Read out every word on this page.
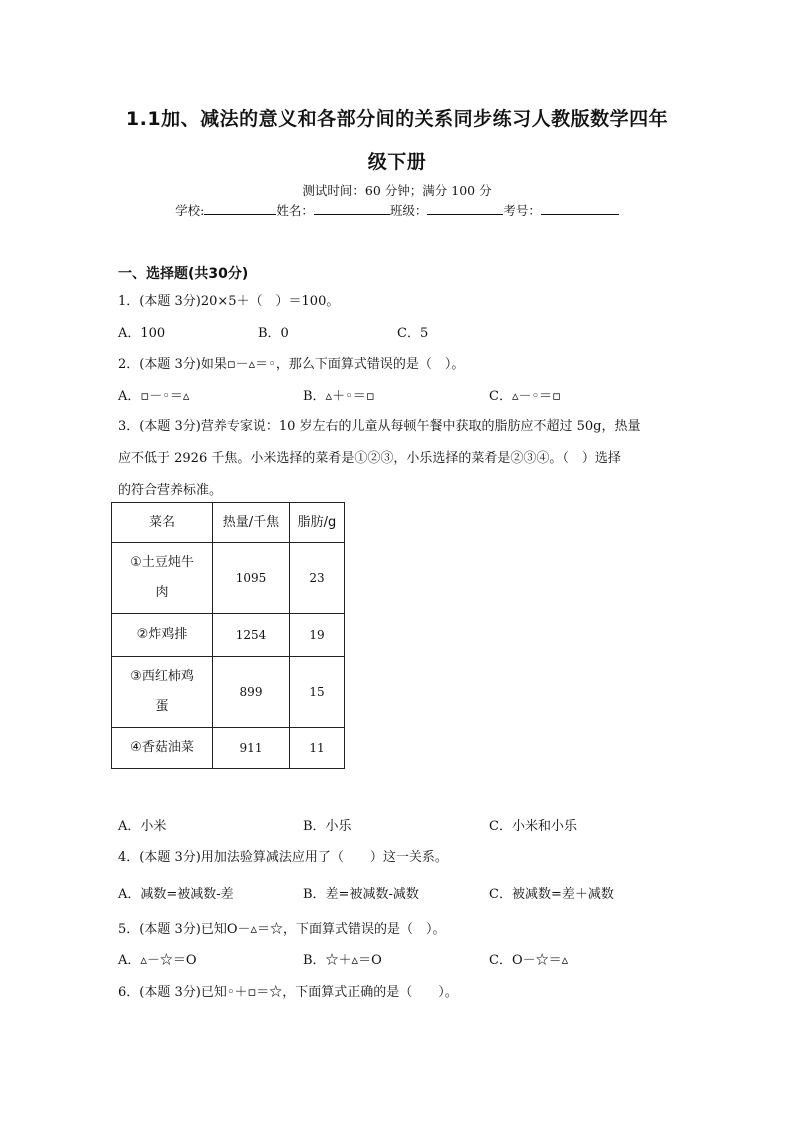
1.1加、减法的意义和各部分间的关系同步练习人教版数学四年
级下册
测试时间：60 分钟；满分 100 分
学校:	姓名：	班级：	考号：
一、选择题(共30分)
1．(本题 3分)20×5＋（　）＝100。
A．100	B．0	C．5
2．(本题 3分)如果▫－▵＝◦，那么下面算式错误的是（　）。
A．▫－◦＝▵	B．▵＋◦＝▫	C．▵－◦＝▫
3．(本题 3分)营养专家说：10 岁左右的儿童从每顿午餐中获取的脂肪应不超过 50g，热量
应不低于 2926 千焦。小米选择的菜肴是①②③，小乐选择的菜肴是②③④。（　）选择
的符合营养标准。
菜名	热量/千焦	脂肪/g
①土豆炖牛
肉	1095	23
②炸鸡排	1254	19
③西红柿鸡
蛋	899	15
④香菇油菜	911	11
A．小米	B．小乐	C．小米和小乐
4．(本题 3分)用加法验算减法应用了（　　）这一关系。
A．减数=被减数-差	B．差=被减数-减数	C．被减数=差＋减数
5．(本题 3分)已知O－▵＝☆，下面算式错误的是（　）。
A．▵－☆＝O	B．☆＋▵＝O	C．O－☆＝▵
6．(本题 3分)已知◦＋▫＝☆，下面算式正确的是（　　）。
